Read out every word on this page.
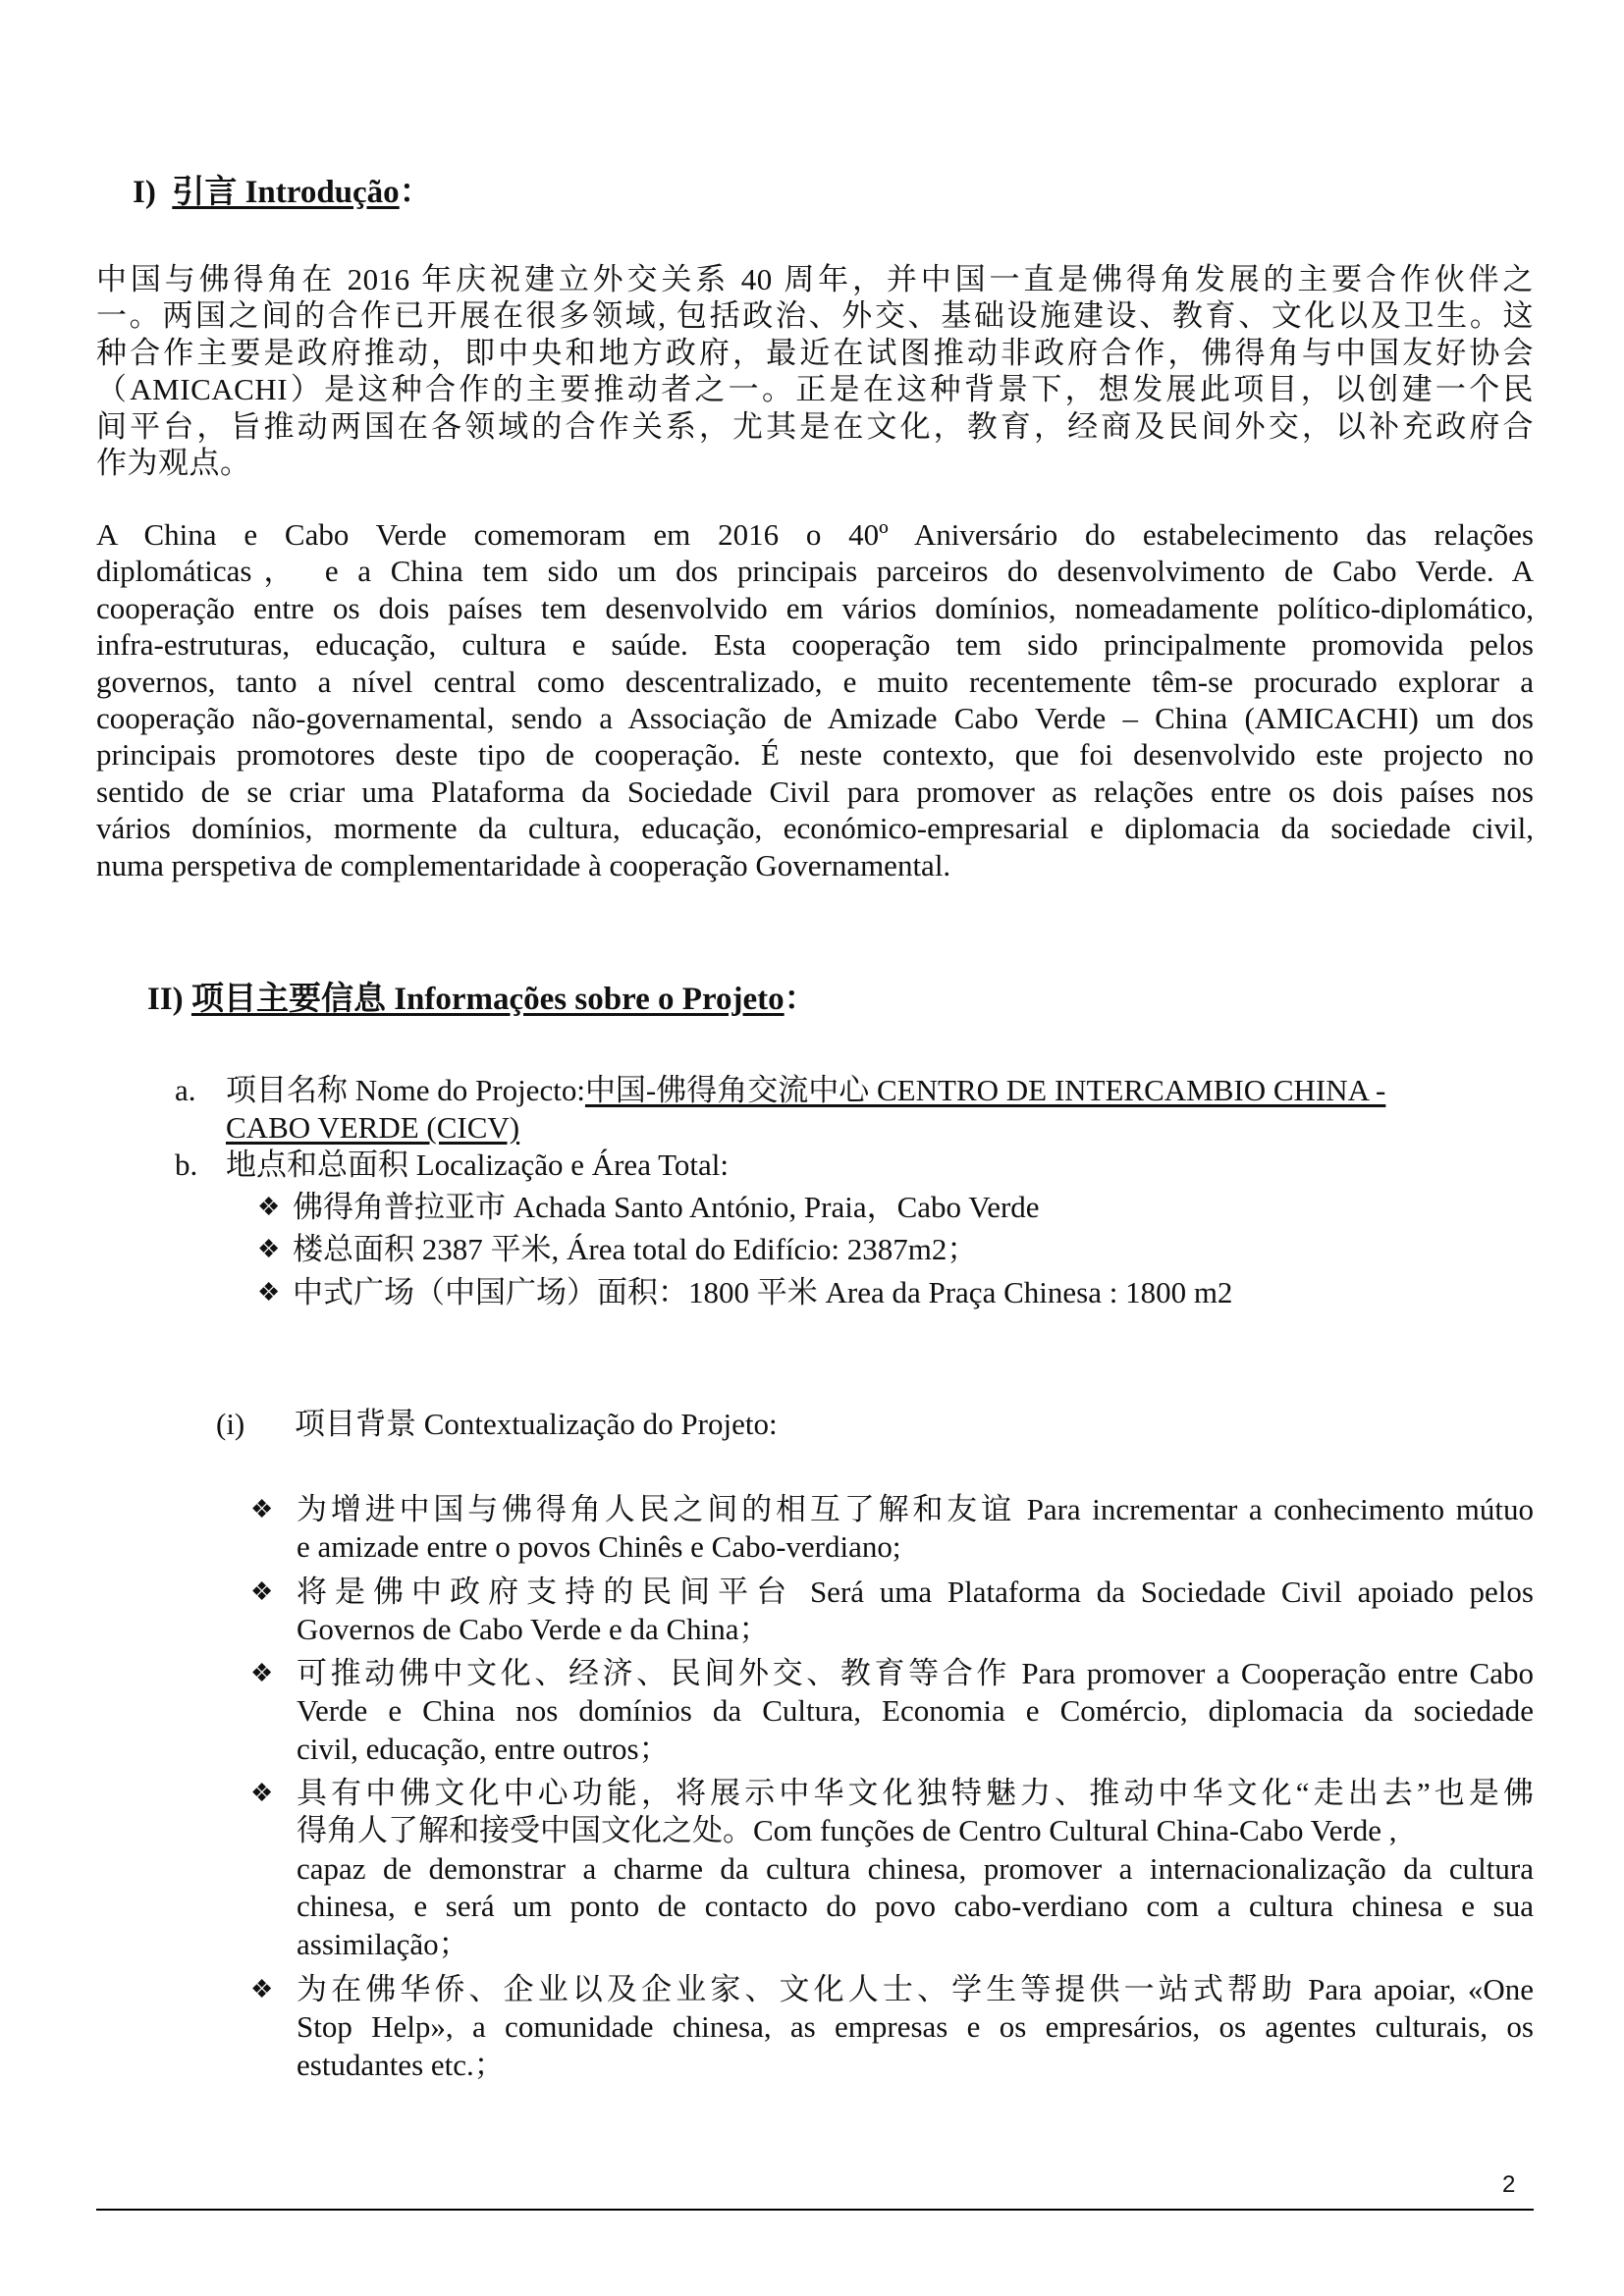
I) 引言 Introdução：
中国与佛得角在 2016 年庆祝建立外交关系 40 周年，并中国一直是佛得角发展的主要合作伙伴之
一。两国之间的合作已开展在很多领域, 包括政治、外交、基础设施建设、教育、文化以及卫生。这
种合作主要是政府推动，即中央和地方政府，最近在试图推动非政府合作，佛得角与中国友好协会
（AMICACHI）是这种合作的主要推动者之一。正是在这种背景下，想发展此项目，以创建一个民
间平台，旨推动两国在各领域的合作关系，尤其是在文化，教育，经商及民间外交，以补充政府合
作为观点。
A China e Cabo Verde comemoram em 2016 o 40º Aniversário do estabelecimento das relações
diplomáticas， e a China tem sido um dos principais parceiros do desenvolvimento de Cabo Verde. A
cooperação entre os dois países tem desenvolvido em vários domínios, nomeadamente político-diplomático,
infra-estruturas, educação, cultura e saúde. Esta cooperação tem sido principalmente promovida pelos
governos, tanto a nível central como descentralizado, e muito recentemente têm-se procurado explorar a
cooperação não-governamental, sendo a Associação de Amizade Cabo Verde – China (AMICACHI) um dos
principais promotores deste tipo de cooperação. É neste contexto, que foi desenvolvido este projecto no
sentido de se criar uma Plataforma da Sociedade Civil para promover as relações entre os dois países nos
vários domínios, mormente da cultura, educação, económico-empresarial e diplomacia da sociedade civil,
numa perspetiva de complementaridade à cooperação Governamental.
II) 项目主要信息 Informações sobre o Projeto：
a. 项目名称 Nome do Projecto:中国-佛得角交流中心 CENTRO DE INTERCAMBIO CHINA -
CABO VERDE (CICV)
b. 地点和总面积 Localização e Área Total:
❖ 佛得角普拉亚市 Achada Santo António, Praia，Cabo Verde
❖ 楼总面积 2387 平米, Área total do Edifício: 2387m2；
❖ 中式广场（中国广场）面积：1800 平米 Area da Praça Chinesa : 1800 m2
(i) 项目背景 Contextualização do Projeto:
❖ 为增进中国与佛得角人民之间的相互了解和友谊 Para incrementar a conhecimento mútuo
e amizade entre o povos Chinês e Cabo-verdiano;
❖ 将是佛中政府支持的民间平台 Será uma Plataforma da Sociedade Civil apoiado pelos
Governos de Cabo Verde e da China；
❖ 可推动佛中文化、经济、民间外交、教育等合作 Para promover a Cooperação entre Cabo
Verde e China nos domínios da Cultura, Economia e Comércio, diplomacia da sociedade
civil, educação, entre outros；
❖ 具有中佛文化中心功能，将展示中华文化独特魅力、推动中华文化“走出去”也是佛
得角人了解和接受中国文化之处。Com funções de Centro Cultural China-Cabo Verde ,
capaz de demonstrar a charme da cultura chinesa, promover a internacionalização da cultura
chinesa, e será um ponto de contacto do povo cabo-verdiano com a cultura chinesa e sua
assimilação；
❖ 为在佛华侨、企业以及企业家、文化人士、学生等提供一站式帮助 Para apoiar, «One
Stop Help», a comunidade chinesa, as empresas e os empresários, os agentes culturais, os
estudantes etc.；
2
